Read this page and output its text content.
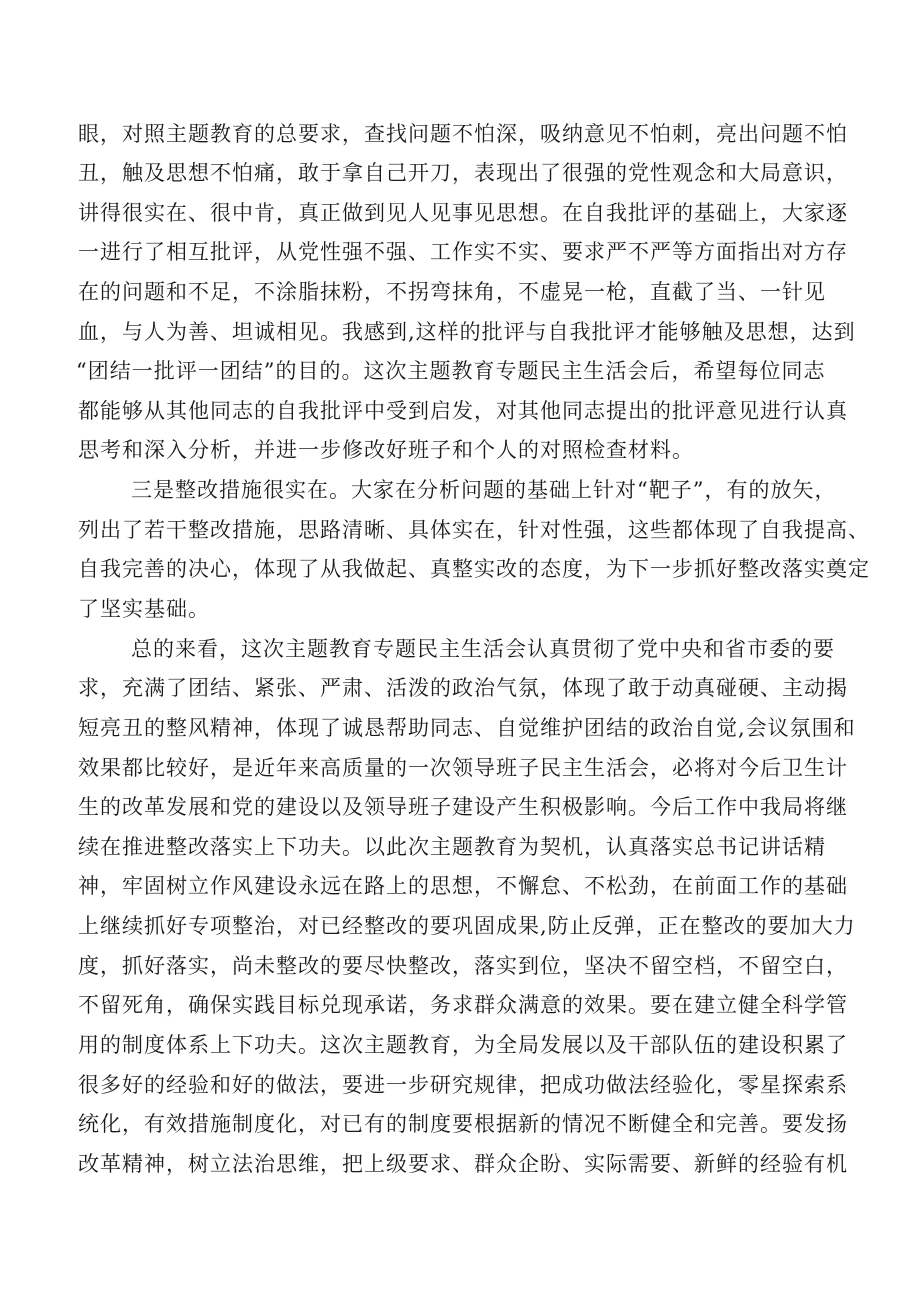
眼，对照主题教育的总要求，查找问题不怕深，吸纳意见不怕刺，亮出问题不怕
丑，触及思想不怕痛，敢于拿自己开刀，表现出了很强的党性观念和大局意识，
讲得很实在、很中肯，真正做到见人见事见思想。在自我批评的基础上，大家逐
一进行了相互批评，从党性强不强、工作实不实、要求严不严等方面指出对方存
在的问题和不足，不涂脂抹粉，不拐弯抹角，不虚晃一枪，直截了当、一针见
血，与人为善、坦诚相见。我感到,这样的批评与自我批评才能够触及思想，达到
“团结一批评一团结”的目的。这次主题教育专题民主生活会后，希望每位同志
都能够从其他同志的自我批评中受到启发，对其他同志提出的批评意见进行认真
思考和深入分析，并进一步修改好班子和个人的对照检查材料。
三是整改措施很实在。大家在分析问题的基础上针对“靶子”，有的放矢，
列出了若干整改措施，思路清晰、具体实在，针对性强，这些都体现了自我提高、
自我完善的决心，体现了从我做起、真整实改的态度，为下一步抓好整改落实奠定
了坚实基础。
总的来看，这次主题教育专题民主生活会认真贯彻了党中央和省市委的要
求，充满了团结、紧张、严肃、活泼的政治气氛，体现了敢于动真碰硬、主动揭
短亮丑的整风精神，体现了诚恳帮助同志、自觉维护团结的政治自觉,会议氛围和
效果都比较好，是近年来高质量的一次领导班子民主生活会，必将对今后卫生计
生的改革发展和党的建设以及领导班子建设产生积极影响。今后工作中我局将继
续在推进整改落实上下功夫。以此次主题教育为契机，认真落实总书记讲话精
神，牢固树立作风建设永远在路上的思想，不懈怠、不松劲，在前面工作的基础
上继续抓好专项整治，对已经整改的要巩固成果,防止反弹，正在整改的要加大力
度，抓好落实，尚未整改的要尽快整改，落实到位，坚决不留空档，不留空白，
不留死角，确保实践目标兑现承诺，务求群众满意的效果。要在建立健全科学管
用的制度体系上下功夫。这次主题教育，为全局发展以及干部队伍的建设积累了
很多好的经验和好的做法，要进一步研究规律，把成功做法经验化，零星探索系
统化，有效措施制度化，对已有的制度要根据新的情况不断健全和完善。要发扬
改革精神，树立法治思维，把上级要求、群众企盼、实际需要、新鲜的经验有机
